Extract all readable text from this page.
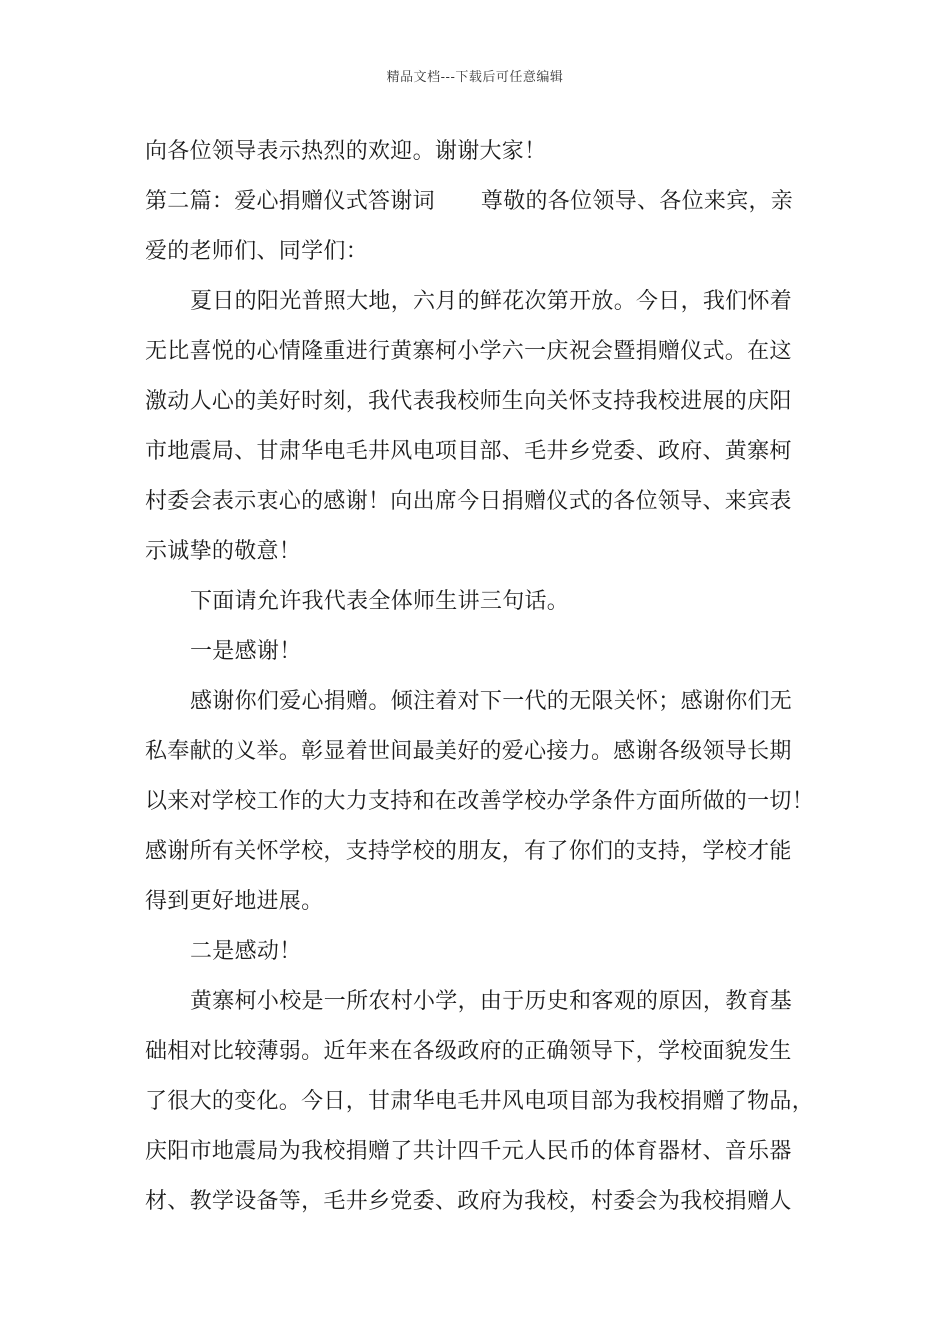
精品文档---下载后可任意编辑
向各位领导表示热烈的欢迎。谢谢大家！
第二篇：爱心捐赠仪式答谢词 尊敬的各位领导、各位来宾，亲
爱的老师们、同学们：
夏日的阳光普照大地，六月的鲜花次第开放。今日，我们怀着
无比喜悦的心情隆重进行黄寨柯小学六一庆祝会暨捐赠仪式。在这
激动人心的美好时刻，我代表我校师生向关怀支持我校进展的庆阳
市地震局、甘肃华电毛井风电项目部、毛井乡党委、政府、黄寨柯
村委会表示衷心的感谢！向出席今日捐赠仪式的各位领导、来宾表
示诚挚的敬意！
下面请允许我代表全体师生讲三句话。
一是感谢！
感谢你们爱心捐赠。倾注着对下一代的无限关怀；感谢你们无
私奉献的义举。彰显着世间最美好的爱心接力。感谢各级领导长期
以来对学校工作的大力支持和在改善学校办学条件方面所做的一切！
感谢所有关怀学校，支持学校的朋友，有了你们的支持，学校才能
得到更好地进展。
二是感动！
黄寨柯小校是一所农村小学，由于历史和客观的原因，教育基
础相对比较薄弱。近年来在各级政府的正确领导下，学校面貌发生
了很大的变化。今日，甘肃华电毛井风电项目部为我校捐赠了物品，
庆阳市地震局为我校捐赠了共计四千元人民币的体育器材、音乐器
材、教学设备等，毛井乡党委、政府为我校，村委会为我校捐赠人
